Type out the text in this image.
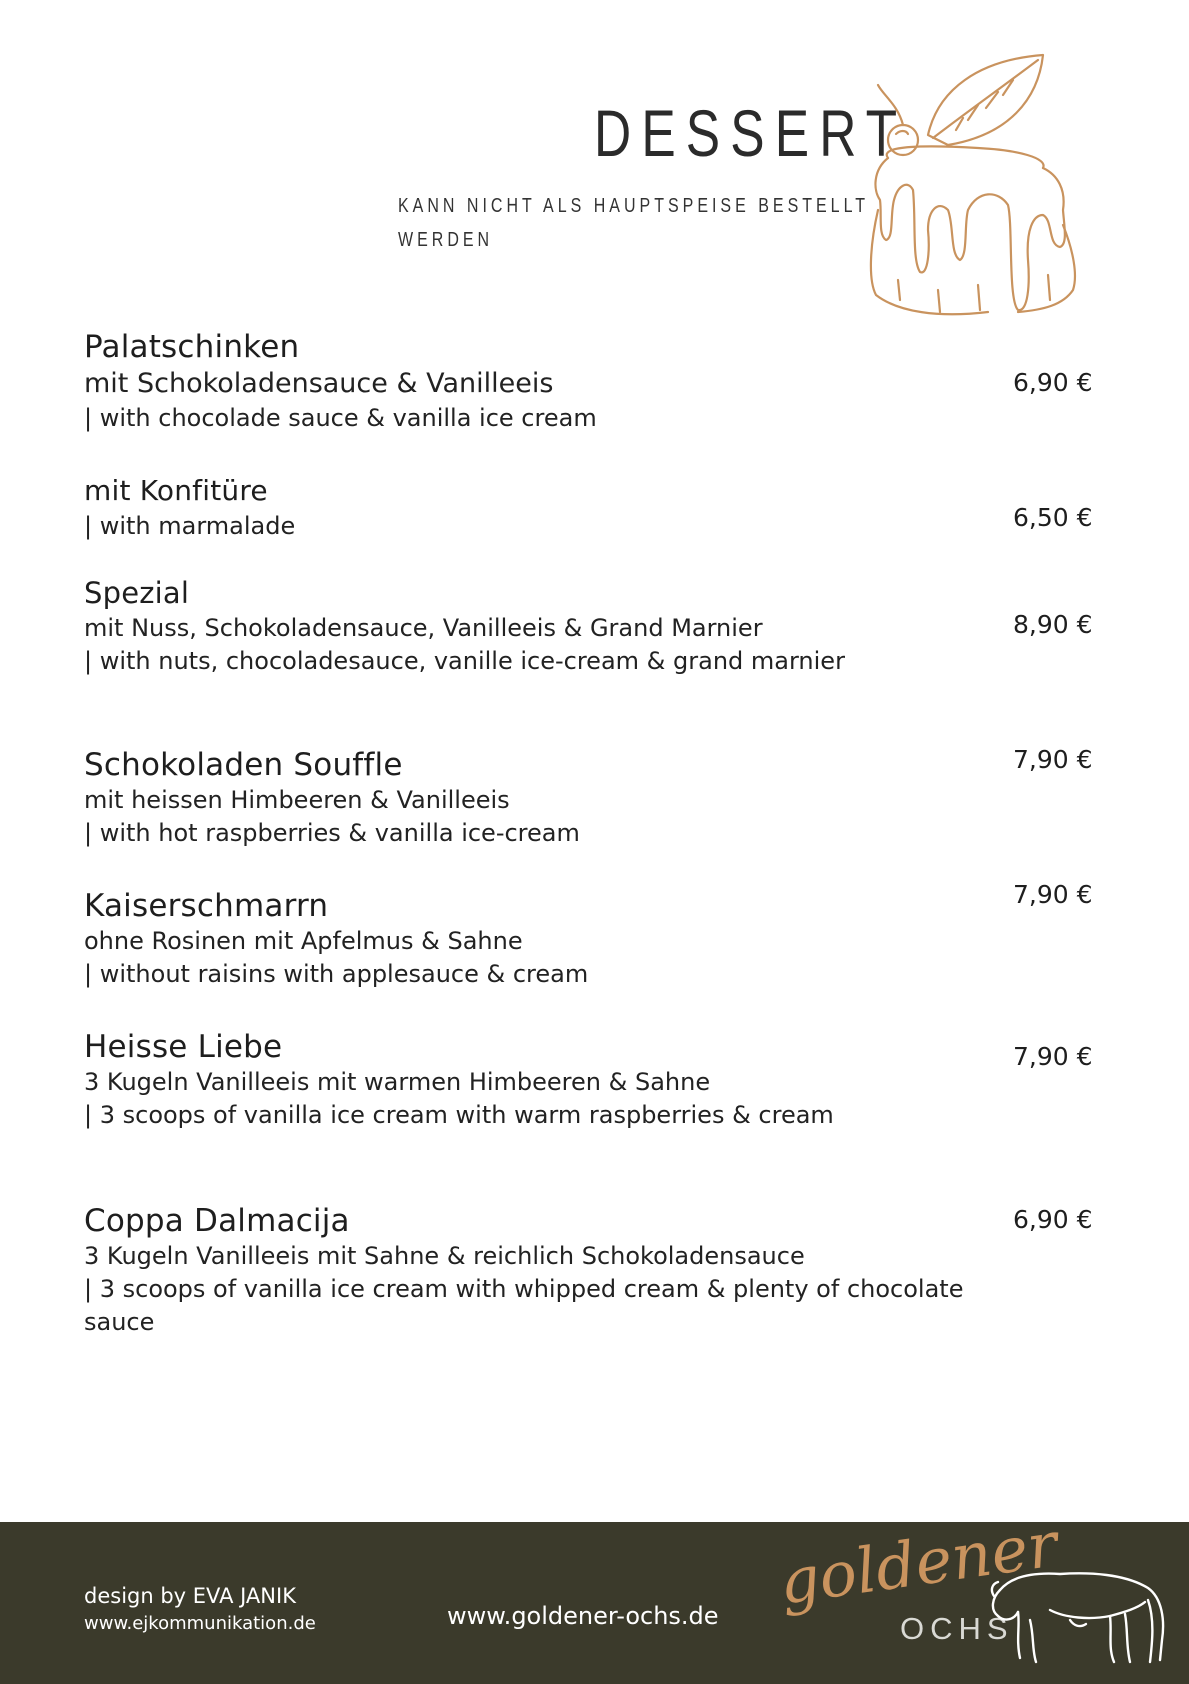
DESSERT
KANN NICHT ALS HAUPTSPEISE BESTELLT
WERDEN
Palatschinken
mit Schokoladensauce & Vanilleeis
| with chocolade sauce & vanilla ice cream
6,90 €
mit Konfitüre
| with marmalade	6,50 €
Spezial
mit Nuss, Schokoladensauce, Vanilleeis & Grand Marnier
| with nuts, chocoladesauce, vanille ice-cream & grand marnier
8,90 €
Schokoladen Souffle
mit heissen Himbeeren & Vanilleeis
| with hot raspberries & vanilla ice-cream
7,90 €
Kaiserschmarrn
ohne Rosinen mit Apfelmus & Sahne
| without raisins with applesauce & cream
7,90 €
Heisse Liebe
3 Kugeln Vanilleeis mit warmen Himbeeren & Sahne
| 3 scoops of vanilla ice cream with warm raspberries & cream
7,90 €
Coppa Dalmacija
3 Kugeln Vanilleeis mit Sahne & reichlich Schokoladensauce
| 3 scoops of vanilla ice cream with whipped cream & plenty of chocolate sauce
6,90 €
design by EVA JANIK
www.ejkommunikation.de	www.goldener-ochs.de goldener
OCHS
